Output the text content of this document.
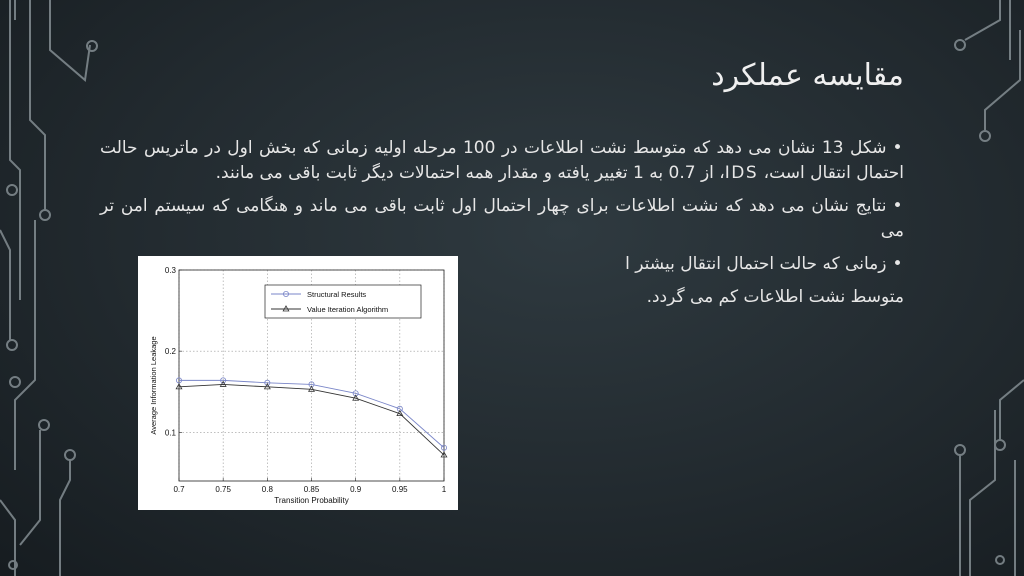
مقایسه عملکرد

•شکل 13 نشان می دهد که متوسط نشت اطلاعات در 100 مرحله اولیه زمانی که بخش اول در ماتریس حالت احتمال انتقال است، IDS، از 0.7 به 1 تغییر یافته و مقدار همه احتمالات دیگر ثابت باقی می مانند.

•نتایج نشان می دهد که نشت اطلاعات برای چهار احتمال اول ثابت باقی می ماند و هنگامی که سیستم امن تر می

•زمانی که حالت احتمال انتقال بیشتر ا

متوسط نشت اطلاعات کم می گردد.

0.7	0.75	0.8	0.85	0.9	0.95	1
0.1
0.2
0.3
Transition Probability
Average Information Leakage
Structural Results
Value Iteration Algorithm
